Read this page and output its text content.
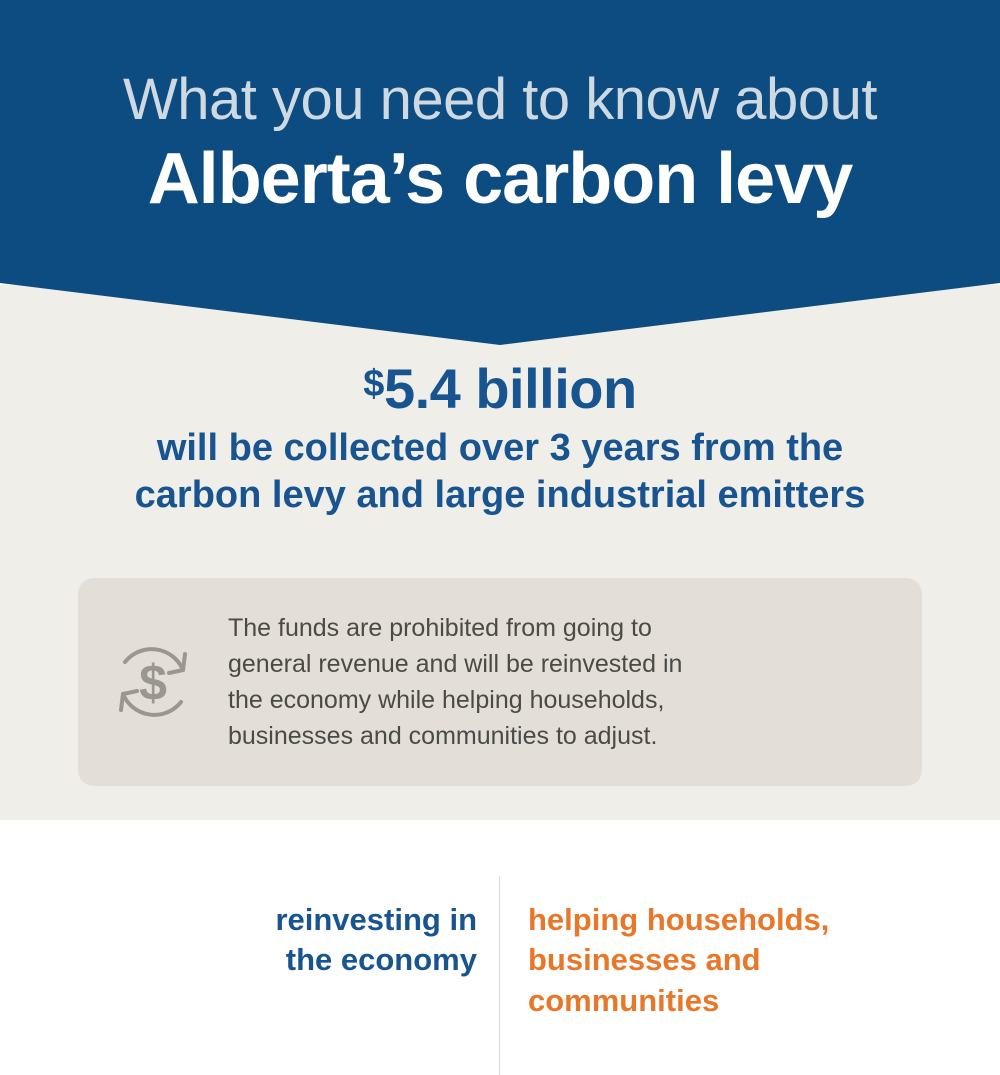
What you need to know about
Alberta’s carbon levy
$5.4 billion
will be collected over 3 years from the
carbon levy and large industrial emitters
$
The funds are prohibited from going to
general revenue and will be reinvested in
the economy while helping households,
businesses and communities to adjust.
reinvesting in
the economy
helping households,
businesses and
communities
